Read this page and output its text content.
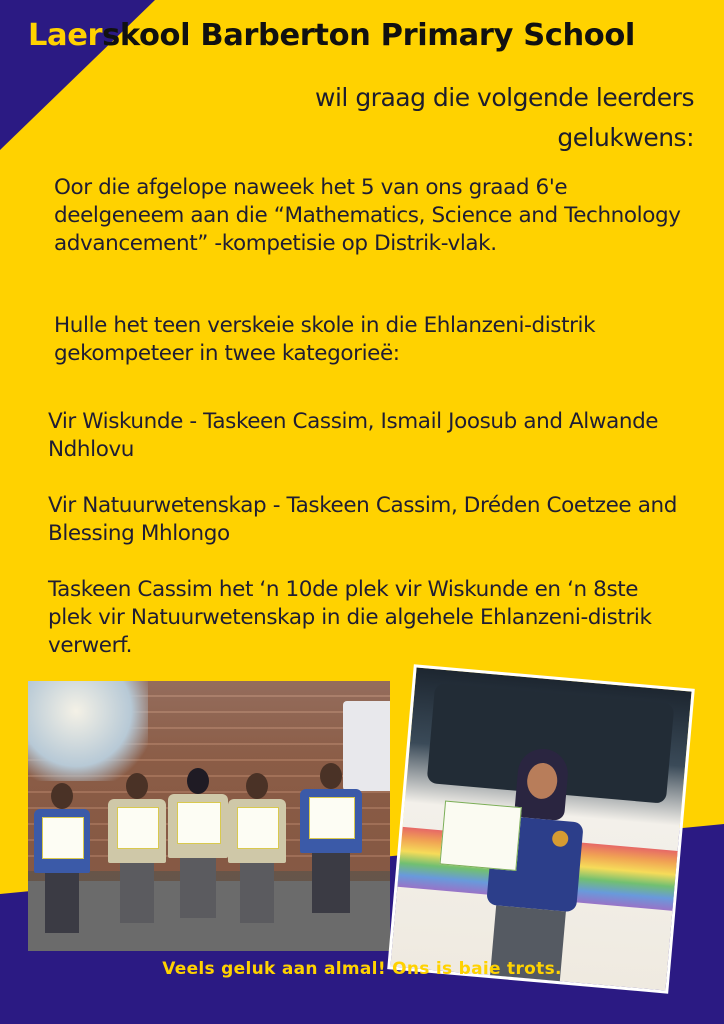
Laerskool Barberton Primary School
wil graag die volgende leerders gelukwens:
Oor die afgelope naweek het 5 van ons graad 6'e deelgeneem aan die “Mathematics, Science and Technology advancement” -kompetisie op Distrik-vlak.
Hulle het teen verskeie skole in die Ehlanzeni-distrik gekompeteer in twee kategorieë:
Vir Wiskunde - Taskeen Cassim, Ismail Joosub and Alwande Ndhlovu
Vir Natuurwetenskap - Taskeen Cassim, Dréden Coetzee and Blessing Mhlongo
Taskeen Cassim het ‘n 10de plek vir Wiskunde en ‘n 8ste plek vir Natuurwetenskap in die algehele Ehlanzeni-distrik verwerf.
Veels geluk aan almal! Ons is baie trots.
